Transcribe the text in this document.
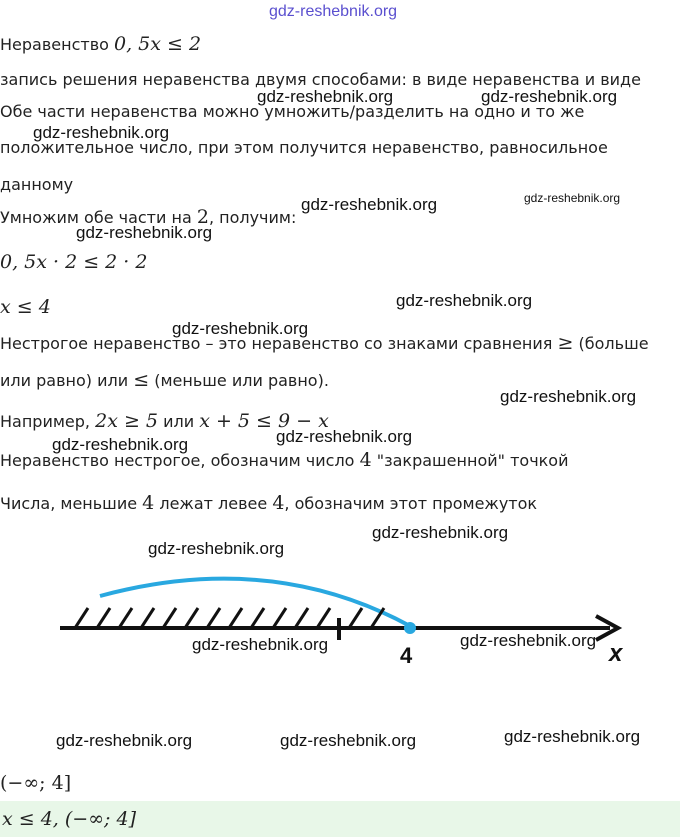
gdz-reshebnik.org
Неравенство 0, 5x ≤ 2
запись решения неравенства двумя способами: в виде неравенства и виде
Обе части неравенства можно умножить/разделить на одно и то же
положительное число, при этом получится неравенство, равносильное
данному
Умножим обе части на 2, получим:
0, 5x · 2 ≤ 2 · 2
x ≤ 4
Нестрогое неравенство – это неравенство со знаками сравнения ≥ (больше
или равно) или ≤ (меньше или равно).
Например, 2x ≥ 5 или x + 5 ≤ 9 − x
Неравенство нестрогое, обозначим число 4 "закрашенной" точкой
Числа, меньшие 4 лежат левее 4, обозначим этот промежуток
4	x
(−∞; 4]
x ≤ 4, (−∞; 4]
gdz-reshebnik.org	gdz-reshebnik.org
gdz-reshebnik.org
gdz-reshebnik.org	gdz-reshebnik.org
gdz-reshebnik.org
gdz-reshebnik.org
gdz-reshebnik.org
gdz-reshebnik.org
gdz-reshebnik.org
gdz-reshebnik.org
gdz-reshebnik.org
gdz-reshebnik.org
gdz-reshebnik.org	gdz-reshebnik.org
gdz-reshebnik.org	gdz-reshebnik.org	gdz-reshebnik.org
